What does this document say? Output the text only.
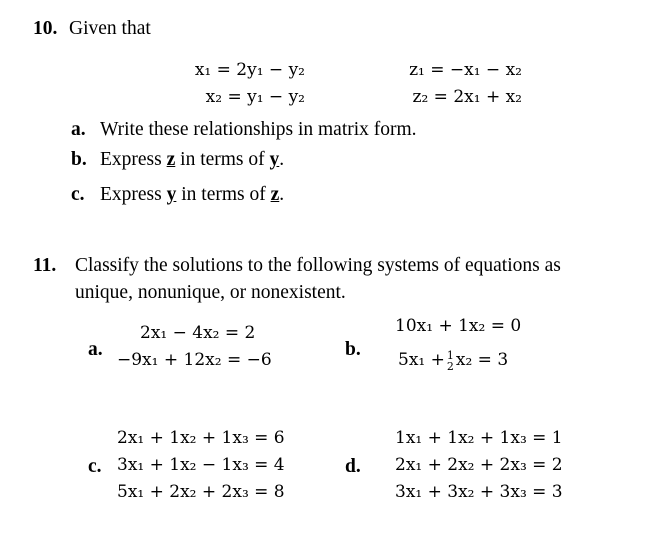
10. Given that
x₁ = 2y₁ − y₂
x₂ = y₁ − y₂
z₁ = −x₁ − x₂
z₂ = 2x₁ + x₂
a. Write these relationships in matrix form.
b. Express z in terms of y.
c. Express y in terms of z.
11. Classify the solutions to the following systems of equations as
unique, nonunique, or nonexistent.
a.
2x₁ − 4x₂ = 2
−9x₁ + 12x₂ = −6	b.
10x₁ + 1x₂ = 0
5x₁ + 1
2 x₂ = 3
c.
2x₁ + 1x₂ + 1x₃ = 6
3x₁ + 1x₂ − 1x₃ = 4
5x₁ + 2x₂ + 2x₃ = 8
d.
1x₁ + 1x₂ + 1x₃ = 1
2x₁ + 2x₂ + 2x₃ = 2
3x₁ + 3x₂ + 3x₃ = 3
